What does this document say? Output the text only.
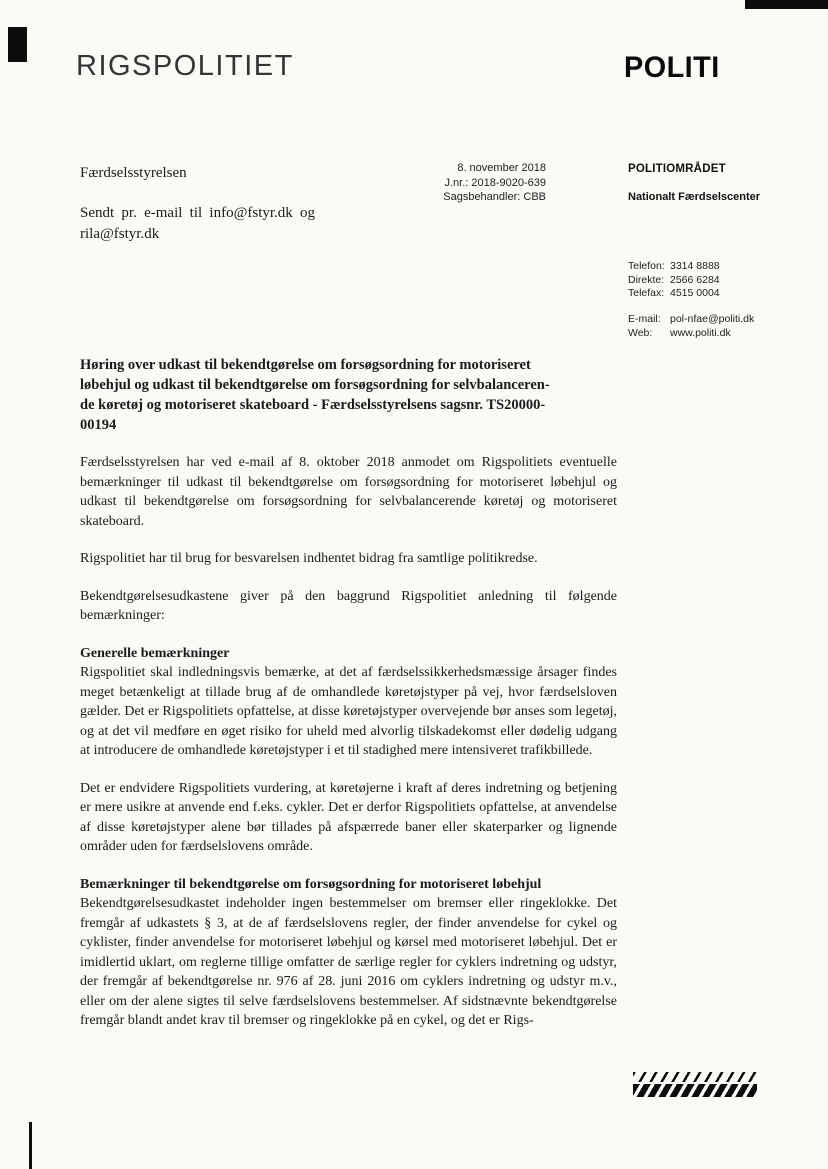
RIGSPOLITIET	POLITI
Færdselsstyrelsen
Sendt pr. e-mail til info@fstyr.dk og
rila@fstyr.dk
8. november 2018
J.nr.: 2018-9020-639
Sagsbehandler: CBB
POLITIOMRÅDET
Nationalt Færdselscenter
Telefon: 3314 8888
Direkte: 2566 6284
Telefax: 4515 0004
E-mail: pol-nfae@politi.dk
Web: www.politi.dk
Høring over udkast til bekendtgørelse om forsøgsordning for motoriseret
løbehjul og udkast til bekendtgørelse om forsøgsordning for selvbalanceren-
de køretøj og motoriseret skateboard - Færdselsstyrelsens sagsnr. TS20000-
00194

Færdselsstyrelsen har ved e-mail af 8. oktober 2018 anmodet om Rigspolitiets eventuelle bemærkninger til udkast til bekendtgørelse om forsøgsordning for motoriseret løbehjul og udkast til bekendtgørelse om forsøgsordning for selvbalancerende køretøj og motoriseret skateboard.

Rigspolitiet har til brug for besvarelsen indhentet bidrag fra samtlige politikredse.

Bekendtgørelsesudkastene giver på den baggrund Rigspolitiet anledning til følgende bemærkninger:

Generelle bemærkninger

Rigspolitiet skal indledningsvis bemærke, at det af færdselssikkerhedsmæssige årsager findes meget betænkeligt at tillade brug af de omhandlede køretøjstyper på vej, hvor færdselsloven gælder. Det er Rigspolitiets opfattelse, at disse køretøjstyper overvejende bør anses som legetøj, og at det vil medføre en øget risiko for uheld med alvorlig tilskadekomst eller dødelig udgang at introducere de omhandlede køretøjstyper i et til stadighed mere intensiveret trafikbillede.

Det er endvidere Rigspolitiets vurdering, at køretøjerne i kraft af deres indretning og betjening er mere usikre at anvende end f.eks. cykler. Det er derfor Rigspolitiets opfattelse, at anvendelse af disse køretøjstyper alene bør tillades på afspærrede baner eller skaterparker og lignende områder uden for færdselslovens område.

Bemærkninger til bekendtgørelse om forsøgsordning for motoriseret løbehjul

Bekendtgørelsesudkastet indeholder ingen bestemmelser om bremser eller ringeklokke. Det fremgår af udkastets § 3, at de af færdselslovens regler, der finder anvendelse for cykel og cyklister, finder anvendelse for motoriseret løbehjul og kørsel med motoriseret løbehjul. Det er imidlertid uklart, om reglerne tillige omfatter de særlige regler for cyklers indretning og udstyr, der fremgår af bekendtgørelse nr. 976 af 28. juni 2016 om cyklers indretning og udstyr m.v., eller om der alene sigtes til selve færdselslovens bestemmelser. Af sidstnævnte bekendtgørelse fremgår blandt andet krav til bremser og ringeklokke på en cykel, og det er Rigs-
